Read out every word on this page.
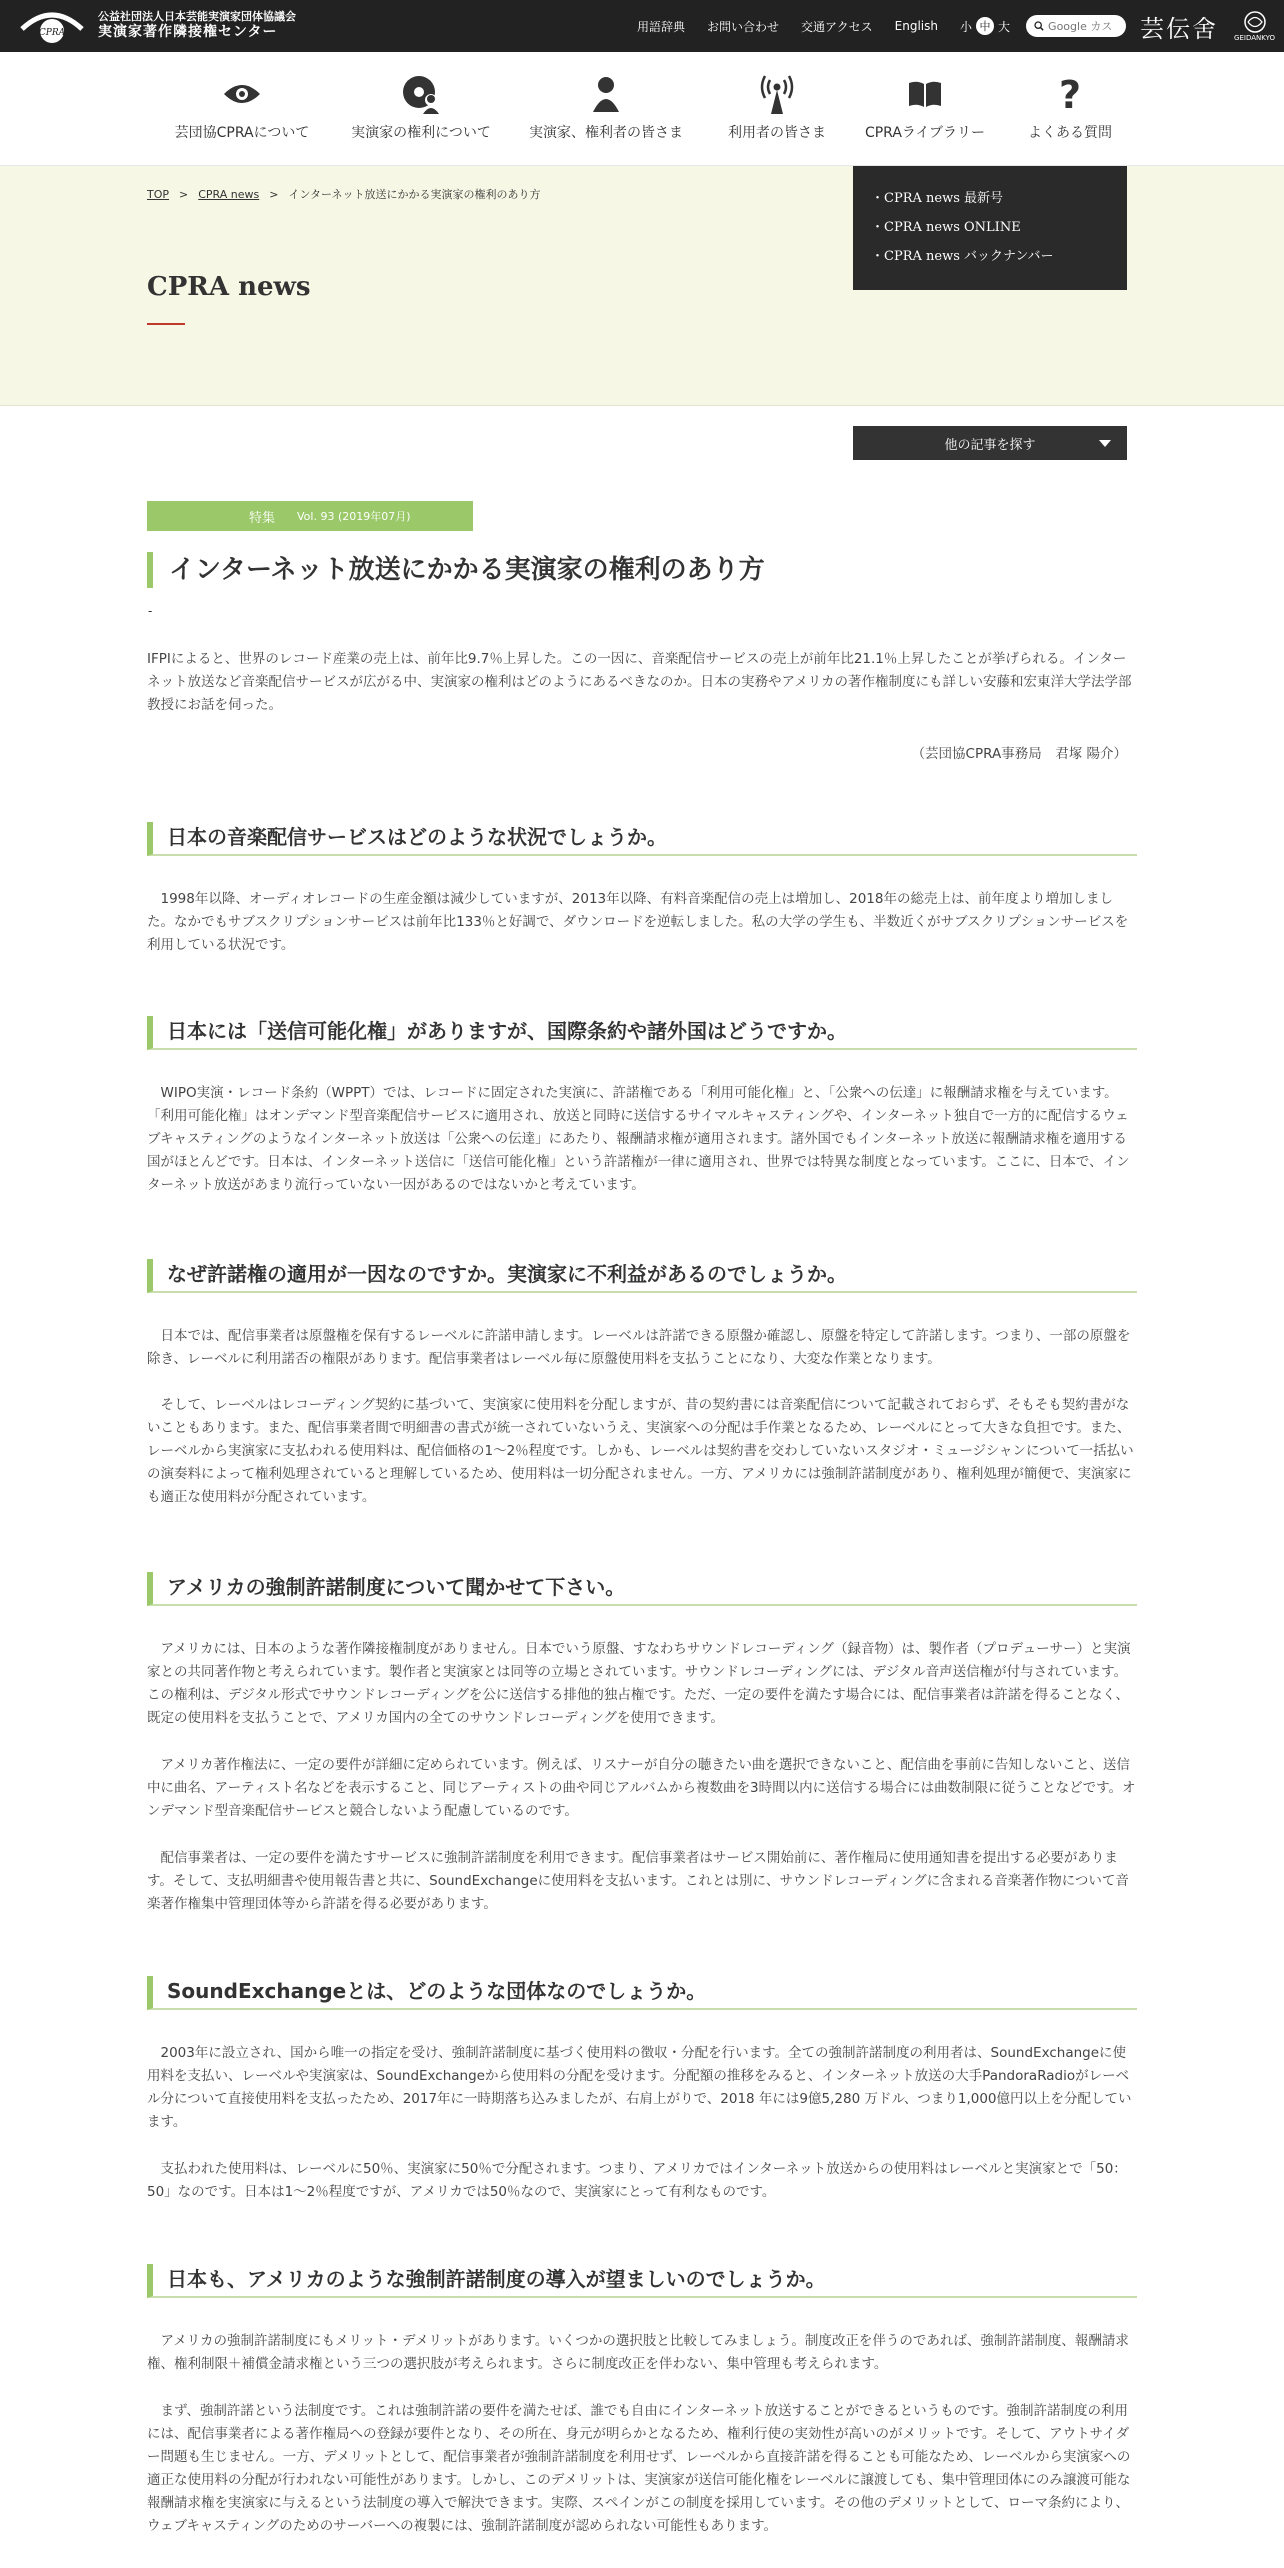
CPRA
公益社団法人日本芸能実演家団体協議会
実演家著作隣接権センター	用語辞典 お問い合わせ 交通アクセス English 小 中 大
Google カス	芸伝舍 GEIDANKYO
芸団協CPRAについて	実演家の権利について	実演家、権利者の皆さま	利用者の皆さま	CPRAライブラリー
?
よくある質問
TOP > CPRA news > インターネット放送にかかる実演家の権利のあり方
CPRA news
・CPRA news 最新号
・CPRA news ONLINE
・CPRA news バックナンバー
他の記事を探す
特集 Vol. 93 (2019年07月)
インターネット放送にかかる実演家の権利のあり方
-

IFPIによると、世界のレコード産業の売上は、前年比9.7％上昇した。この一因に、音楽配信サービスの売上が前年比21.1％上昇したことが挙げられる。インターネット放送など音楽配信サービスが広がる中、実演家の権利はどのようにあるべきなのか。日本の実務やアメリカの著作権制度にも詳しい安藤和宏東洋大学法学部教授にお話を伺った。

（芸団協CPRA事務局　君塚 陽介）

日本の音楽配信サービスはどのような状況でしょうか。

1998年以降、オーディオレコードの生産金額は減少していますが、2013年以降、有料音楽配信の売上は増加し、2018年の総売上は、前年度より増加しました。なかでもサブスクリプションサービスは前年比133％と好調で、ダウンロードを逆転しました。私の大学の学生も、半数近くがサブスクリプションサービスを利用している状況です。

日本には「送信可能化権」がありますが、国際条約や諸外国はどうですか。

WIPO実演・レコード条約（WPPT）では、レコードに固定された実演に、許諾権である「利用可能化権」と、「公衆への伝達」に報酬請求権を与えています。「利用可能化権」はオンデマンド型音楽配信サービスに適用され、放送と同時に送信するサイマルキャスティングや、インターネット独自で一方的に配信するウェブキャスティングのようなインターネット放送は「公衆への伝達」にあたり、報酬請求権が適用されます。諸外国でもインターネット放送に報酬請求権を適用する国がほとんどです。日本は、インターネット送信に「送信可能化権」という許諾権が一律に適用され、世界では特異な制度となっています。ここに、日本で、インターネット放送があまり流行っていない一因があるのではないかと考えています。

なぜ許諾権の適用が一因なのですか。実演家に不利益があるのでしょうか。

日本では、配信事業者は原盤権を保有するレーベルに許諾申請します。レーベルは許諾できる原盤か確認し、原盤を特定して許諾します。つまり、一部の原盤を除き、レーベルに利用諾否の権限があります。配信事業者はレーベル毎に原盤使用料を支払うことになり、大変な作業となります。

そして、レーベルはレコーディング契約に基づいて、実演家に使用料を分配しますが、昔の契約書には音楽配信について記載されておらず、そもそも契約書がないこともあります。また、配信事業者間で明細書の書式が統一されていないうえ、実演家への分配は手作業となるため、レーベルにとって大きな負担です。また、レーベルから実演家に支払われる使用料は、配信価格の1～2％程度です。しかも、レーベルは契約書を交わしていないスタジオ・ミュージシャンについて一括払いの演奏料によって権利処理されていると理解しているため、使用料は一切分配されません。一方、アメリカには強制許諾制度があり、権利処理が簡便で、実演家にも適正な使用料が分配されています。

アメリカの強制許諾制度について聞かせて下さい。

アメリカには、日本のような著作隣接権制度がありません。日本でいう原盤、すなわちサウンドレコーディング（録音物）は、製作者（プロデューサー）と実演家との共同著作物と考えられています。製作者と実演家とは同等の立場とされています。サウンドレコーディングには、デジタル音声送信権が付与されています。この権利は、デジタル形式でサウンドレコーディングを公に送信する排他的独占権です。ただ、一定の要件を満たす場合には、配信事業者は許諾を得ることなく、既定の使用料を支払うことで、アメリカ国内の全てのサウンドレコーディングを使用できます。

アメリカ著作権法に、一定の要件が詳細に定められています。例えば、リスナーが自分の聴きたい曲を選択できないこと、配信曲を事前に告知しないこと、送信中に曲名、アーティスト名などを表示すること、同じアーティストの曲や同じアルバムから複数曲を3時間以内に送信する場合には曲数制限に従うことなどです。オンデマンド型音楽配信サービスと競合しないよう配慮しているのです。

配信事業者は、一定の要件を満たすサービスに強制許諾制度を利用できます。配信事業者はサービス開始前に、著作権局に使用通知書を提出する必要があります。そして、支払明細書や使用報告書と共に、SoundExchangeに使用料を支払います。これとは別に、サウンドレコーディングに含まれる音楽著作物について音楽著作権集中管理団体等から許諾を得る必要があります。

SoundExchangeとは、どのような団体なのでしょうか。

2003年に設立され、国から唯一の指定を受け、強制許諾制度に基づく使用料の徴収・分配を行います。全ての強制許諾制度の利用者は、SoundExchangeに使用料を支払い、レーベルや実演家は、SoundExchangeから使用料の分配を受けます。分配額の推移をみると、インターネット放送の大手PandoraRadioがレーベル分について直接使用料を支払ったため、2017年に一時期落ち込みましたが、右肩上がりで、2018 年には9億5,280 万ドル、つまり1,000億円以上を分配しています。

支払われた使用料は、レーベルに50％、実演家に50％で分配されます。つまり、アメリカではインターネット放送からの使用料はレーベルと実演家とで「50：50」なのです。日本は1～2％程度ですが、アメリカでは50％なので、実演家にとって有利なものです。

日本も、アメリカのような強制許諾制度の導入が望ましいのでしょうか。

アメリカの強制許諾制度にもメリット・デメリットがあります。いくつかの選択肢と比較してみましょう。制度改正を伴うのであれば、強制許諾制度、報酬請求権、権利制限＋補償金請求権という三つの選択肢が考えられます。さらに制度改正を伴わない、集中管理も考えられます。

まず、強制許諾という法制度です。これは強制許諾の要件を満たせば、誰でも自由にインターネット放送することができるというものです。強制許諾制度の利用には、配信事業者による著作権局への登録が要件となり、その所在、身元が明らかとなるため、権利行使の実効性が高いのがメリットです。そして、アウトサイダー問題も生じません。一方、デメリットとして、配信事業者が強制許諾制度を利用せず、レーベルから直接許諾を得ることも可能なため、レーベルから実演家への適正な使用料の分配が行われない可能性があります。しかし、このデメリットは、実演家が送信可能化権をレーベルに譲渡しても、集中管理団体にのみ譲渡可能な報酬請求権を実演家に与えるという法制度の導入で解決できます。実際、スペインがこの制度を採用しています。その他のデメリットとして、ローマ条約により、ウェブキャスティングのためのサーバーへの複製には、強制許諾制度が認められない可能性もあります。
